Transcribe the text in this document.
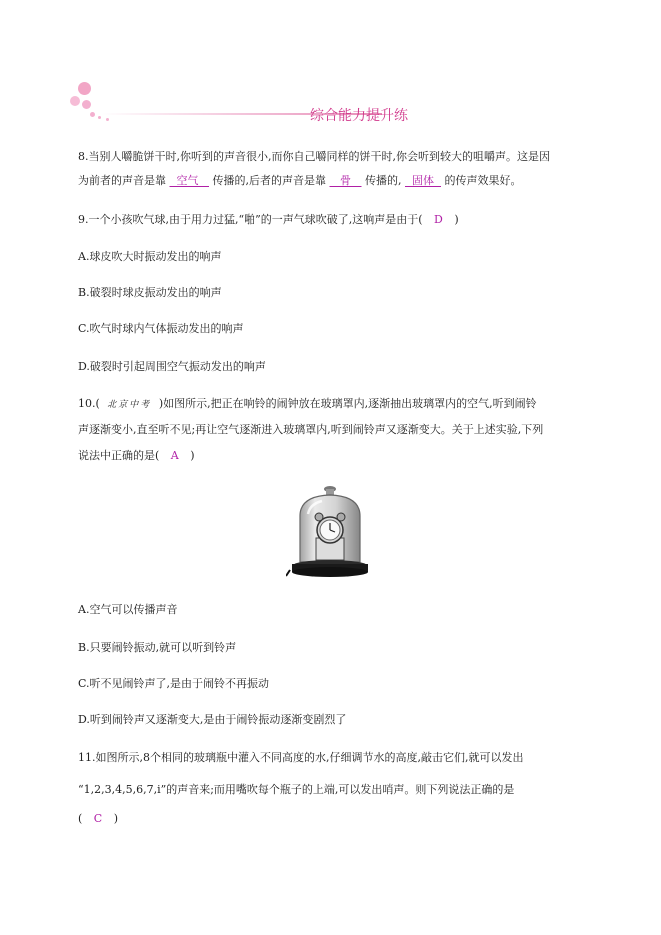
综合能力提升练
8.当别人嚼脆饼干时,你听到的声音很小,而你自己嚼同样的饼干时,你会听到较大的咀嚼声。这是因
为前者的声音是靠 空气 传播的,后者的声音是靠 骨 传播的, 固体 的传声效果好。
9.一个小孩吹气球,由于用力过猛,“啪”的一声气球吹破了,这响声是由于( D )
A.球皮吹大时振动发出的响声
B.破裂时球皮振动发出的响声
C.吹气时球内气体振动发出的响声
D.破裂时引起周围空气振动发出的响声
10.( 北京中考 )如图所示,把正在响铃的闹钟放在玻璃罩内,逐渐抽出玻璃罩内的空气,听到闹铃
声逐渐变小,直至听不见;再让空气逐渐进入玻璃罩内,听到闹铃声又逐渐变大。关于上述实验,下列
说法中正确的是( A )
A.空气可以传播声音
B.只要闹铃振动,就可以听到铃声
C.听不见闹铃声了,是由于闹铃不再振动
D.听到闹铃声又逐渐变大,是由于闹铃振动逐渐变剧烈了
11.如图所示,8个相同的玻璃瓶中灌入不同高度的水,仔细调节水的高度,敲击它们,就可以发出
“1,2,3,4,5,6,7,i”的声音来;而用嘴吹每个瓶子的上端,可以发出哨声。则下列说法正确的是
( C )
